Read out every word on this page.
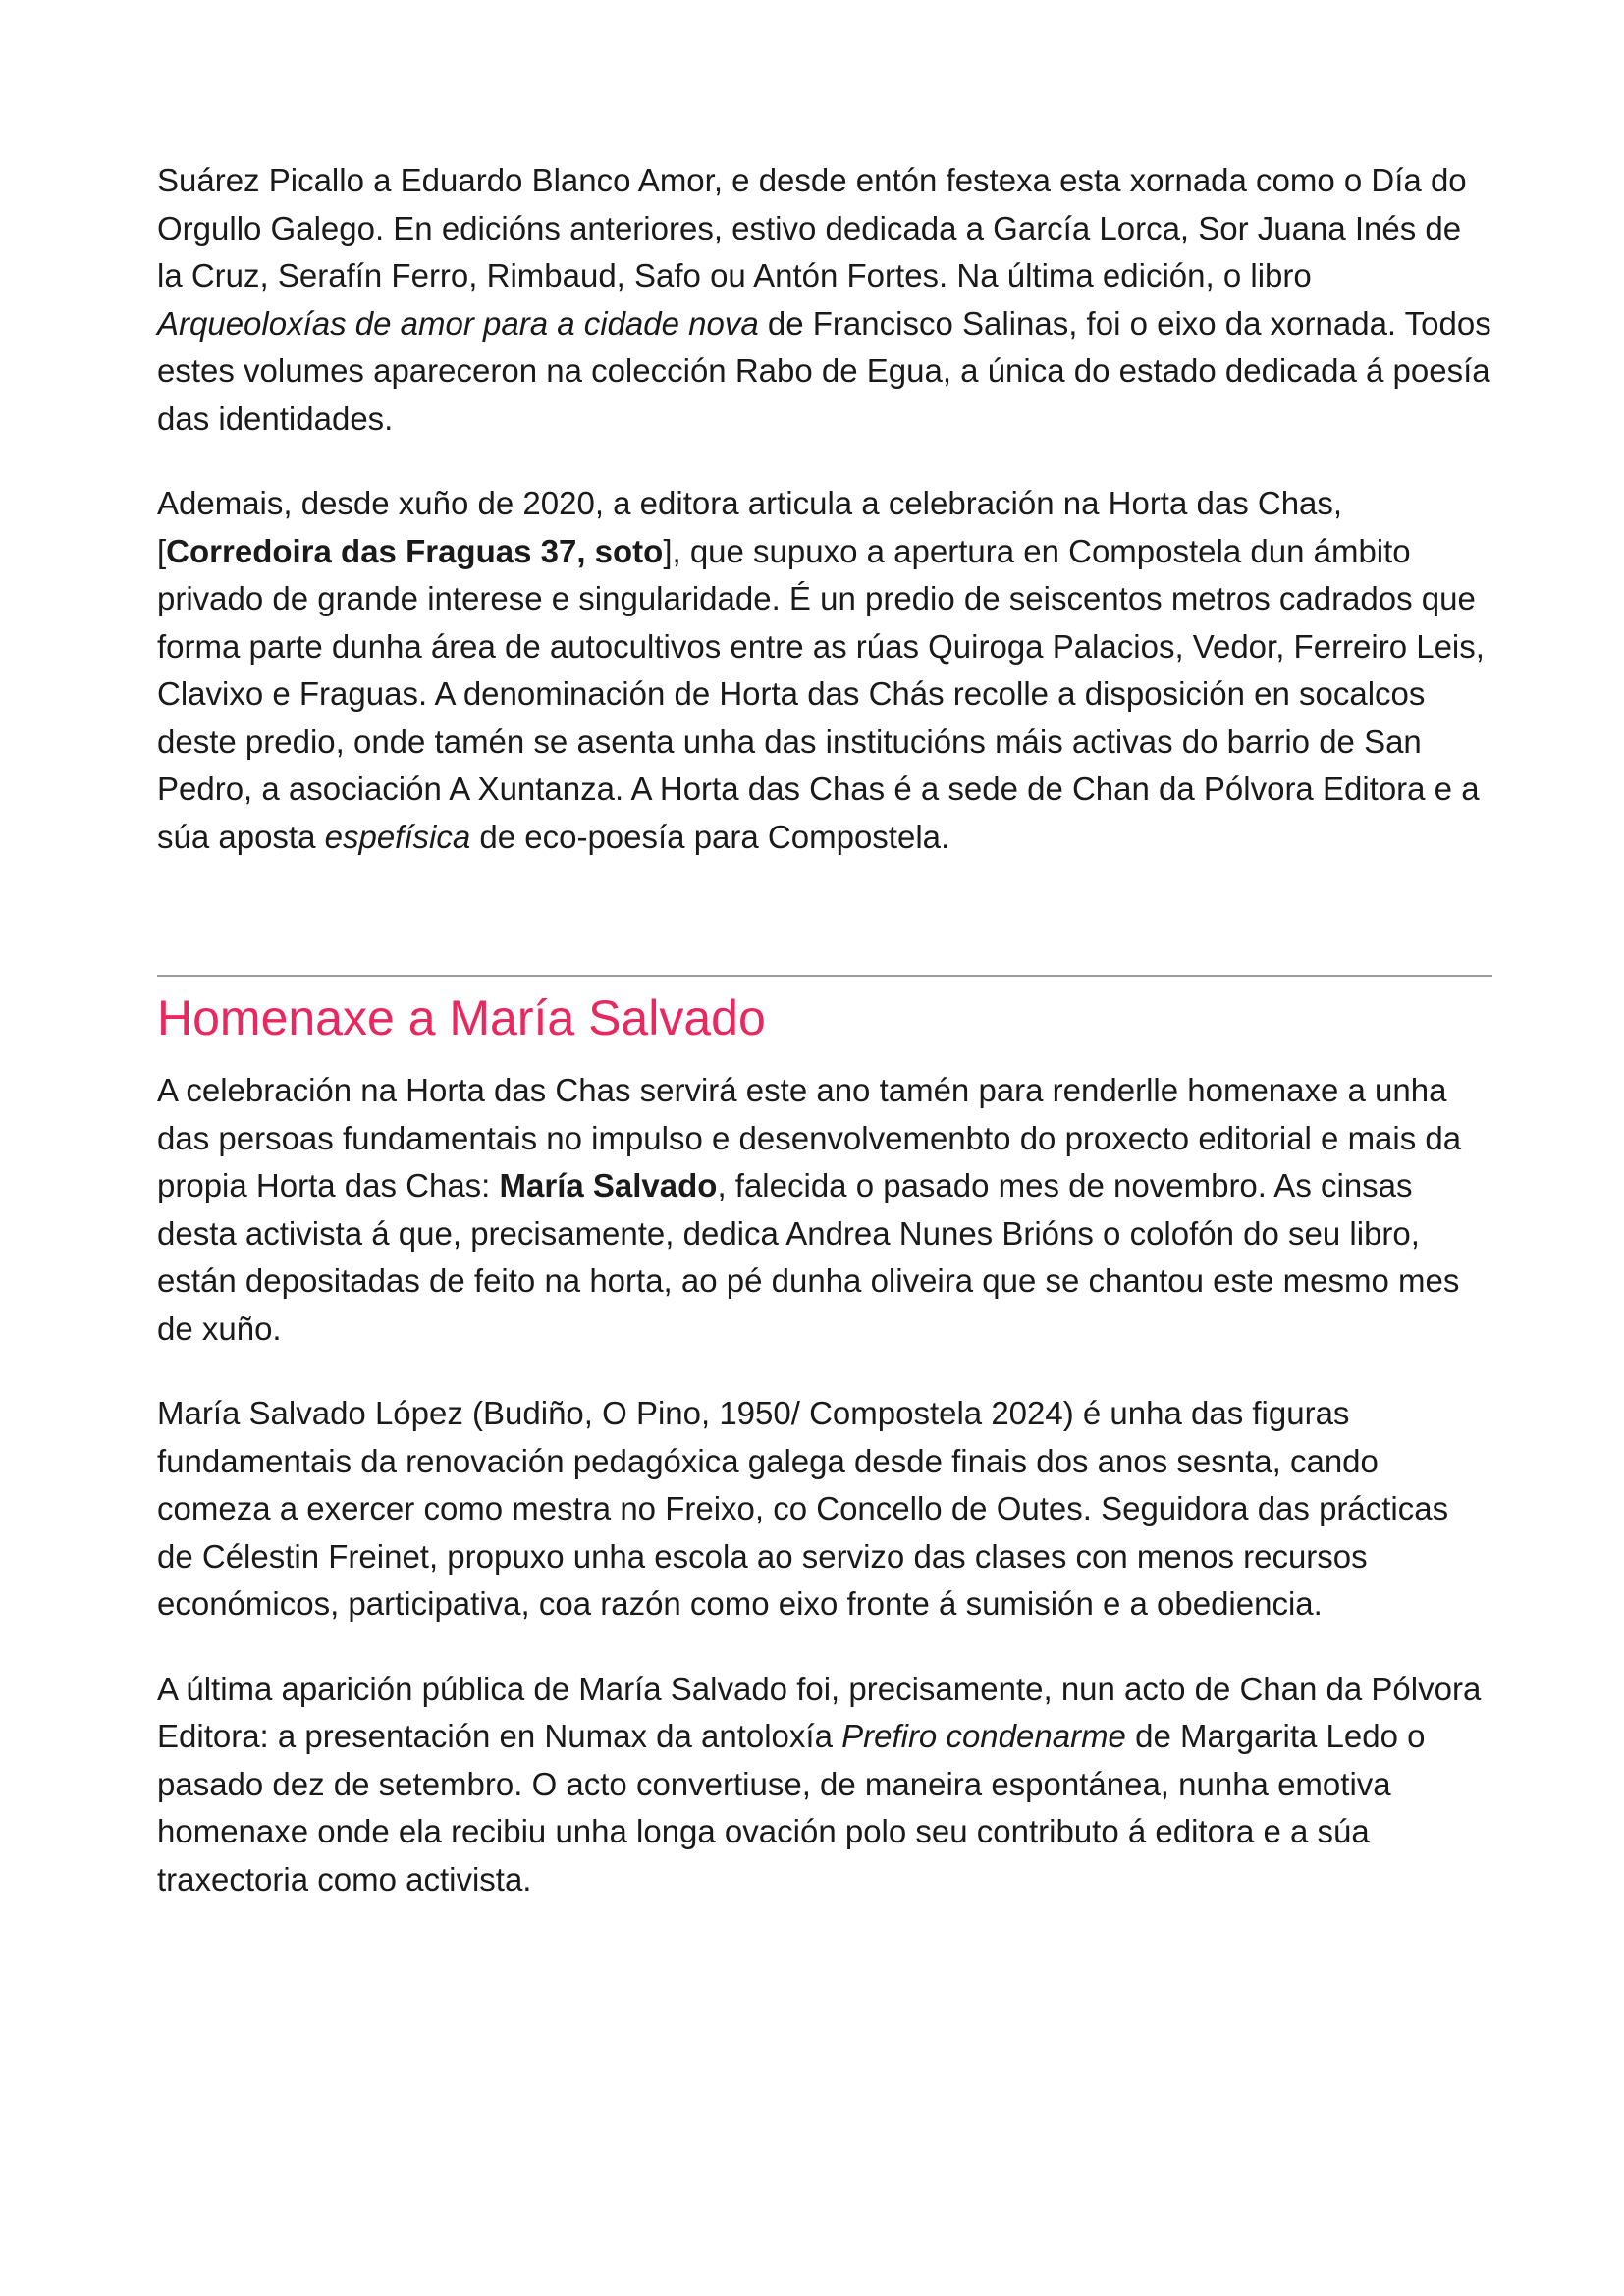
Suárez Picallo a Eduardo Blanco Amor, e desde entón festexa esta xornada como o Día do Orgullo Galego. En edicións anteriores, estivo dedicada a García Lorca, Sor Juana Inés de la Cruz, Serafín Ferro, Rimbaud, Safo ou Antón Fortes. Na última edición, o libro Arqueoloxías de amor para a cidade nova de Francisco Salinas, foi o eixo da xornada. Todos estes volumes apareceron na colección Rabo de Egua, a única do estado dedicada á poesía das identidades.

Ademais, desde xuño de 2020, a editora articula a celebración na Horta das Chas, [Corredoira das Fraguas 37, soto], que supuxo a apertura en Compostela dun ámbito privado de grande interese e singularidade. É un predio de seiscentos metros cadrados que forma parte dunha área de autocultivos entre as rúas Quiroga Palacios, Vedor, Ferreiro Leis, Clavixo e Fraguas. A denominación de Horta das Chás recolle a disposición en socalcos deste predio, onde tamén se asenta unha das institucións máis activas do barrio de San Pedro, a asociación A Xuntanza. A Horta das Chas é a sede de Chan da Pólvora Editora e a súa aposta espefísica de eco-poesía para Compostela.

Homenaxe a María Salvado

A celebración na Horta das Chas servirá este ano tamén para renderlle homenaxe a unha das persoas fundamentais no impulso e desenvolvemenbto do proxecto editorial e mais da propia Horta das Chas: María Salvado, falecida o pasado mes de novembro. As cinsas desta activista á que, precisamente, dedica Andrea Nunes Brións o colofón do seu libro, están depositadas de feito na horta, ao pé dunha oliveira que se chantou este mesmo mes de xuño.

María Salvado López (Budiño, O Pino, 1950/ Compostela 2024) é unha das figuras fundamentais da renovación pedagóxica galega desde finais dos anos sesnta, cando comeza a exercer como mestra no Freixo, co Concello de Outes. Seguidora das prácticas de Célestin Freinet, propuxo unha escola ao servizo das clases con menos recursos económicos, participativa, coa razón como eixo fronte á sumisión e a obediencia.

A última aparición pública de María Salvado foi, precisamente, nun acto de Chan da Pólvora Editora: a presentación en Numax da antoloxía Prefiro condenarme de Margarita Ledo o pasado dez de setembro. O acto convertiuse, de maneira espontánea, nunha emotiva homenaxe onde ela recibiu unha longa ovación polo seu contributo á editora e a súa traxectoria como activista.
